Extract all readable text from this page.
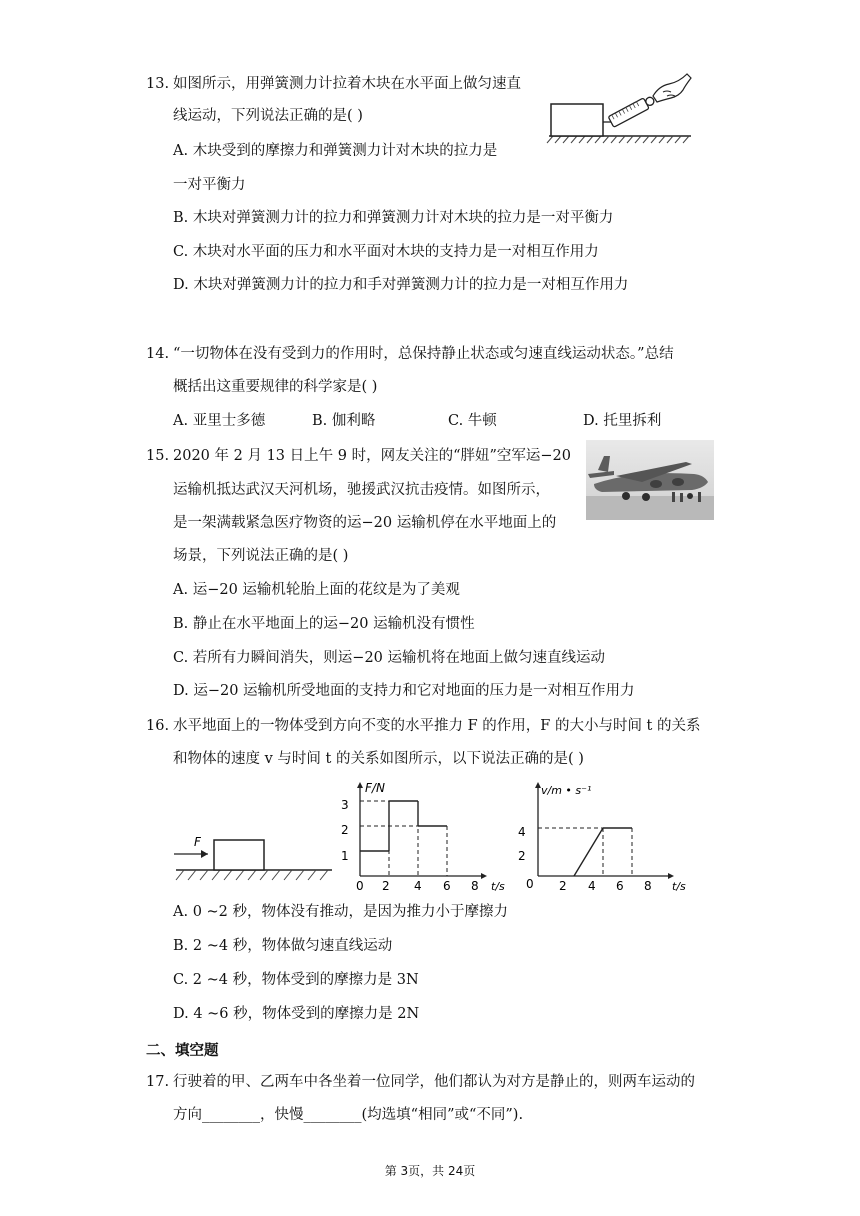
13. 如图所示，用弹簧测力计拉着木块在水平面上做匀速直
线运动，下列说法正确的是( )
A. 木块受到的摩擦力和弹簧测力计对木块的拉力是
一对平衡力
B. 木块对弹簧测力计的拉力和弹簧测力计对木块的拉力是一对平衡力
C. 木块对水平面的压力和水平面对木块的支持力是一对相互作用力
D. 木块对弹簧测力计的拉力和手对弹簧测力计的拉力是一对相互作用力
14. “一切物体在没有受到力的作用时，总保持静止状态或匀速直线运动状态。”总结
概括出这重要规律的科学家是( )
A. 亚里士多德	B. 伽利略	C. 牛顿	D. 托里拆利
15. 2020 年 2 月 13 日上午 9 时，网友关注的“胖妞”空军运−20
运输机抵达武汉天河机场，驰援武汉抗击疫情。如图所示，
是一架满载紧急医疗物资的运−20 运输机停在水平地面上的
场景，下列说法正确的是( )
A. 运−20 运输机轮胎上面的花纹是为了美观
B. 静止在水平地面上的运−20 运输机没有惯性
C. 若所有力瞬间消失，则运−20 运输机将在地面上做匀速直线运动
D. 运−20 运输机所受地面的支持力和它对地面的压力是一对相互作用力
16. 水平地面上的一物体受到方向不变的水平推力 F 的作用，F 的大小与时间 t 的关系
和物体的速度 v 与时间 t 的关系如图所示，以下说法正确的是( )
F
F/N
t/s
1
2
3
0 2 4 6 8
v/m • s⁻¹
t/s
2
4
0 2 4 6 8
A. 0 ~2 秒，物体没有推动，是因为推力小于摩擦力
B. 2 ~4 秒，物体做匀速直线运动
C. 2 ~4 秒，物体受到的摩擦力是 3N
D. 4 ~6 秒，物体受到的摩擦力是 2N
二、填空题
17. 行驶着的甲、乙两车中各坐着一位同学，他们都认为对方是静止的，则两车运动的
方向________，快慢________(均选填“相同”或“不同”).
第 3页，共 24页
